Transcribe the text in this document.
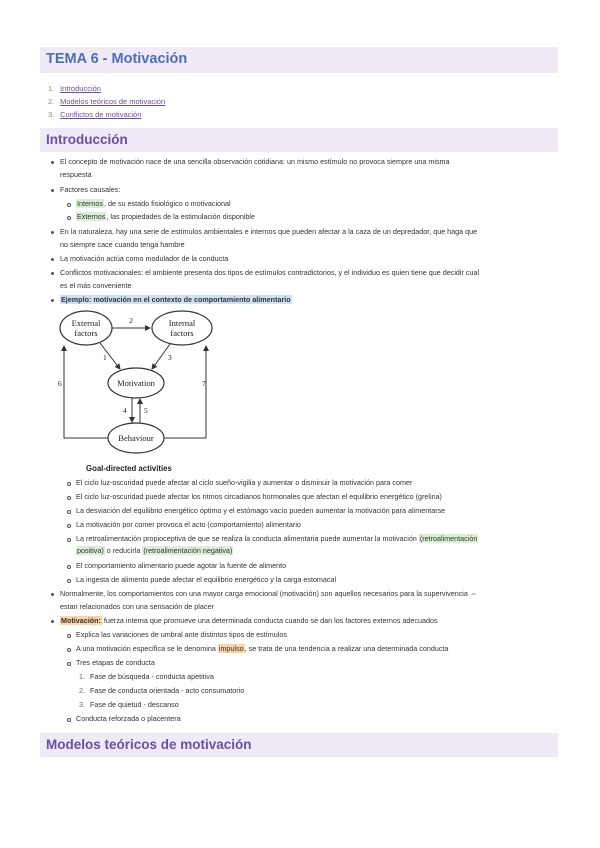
TEMA 6 - Motivación
1. Introducción
2. Modelos teóricos de motivación
3. Conflictos de motivación
Introducción
El concepto de motivación nace de una sencilla observación cotidiana: un mismo estímulo no provoca siempre una misma
respuesta
Factores causales:
Internos, de su estado fisiológico o motivacional
Externos, las propiedades de la estimulación disponible
En la naturaleza, hay una serie de estímulos ambientales e internos que pueden afectar a la caza de un depredador, que haga que
no siempre cace cuando tenga hambre
La motivación actúa como modulador de la conducta
Conflictos motivacionales: el ambiente presenta dos tipos de estímulos contradictorios, y el individuo es quien tiene que decidir cual
es el más conveniente
Ejemplo: motivación en el contexto de comportamiento alimentario
External
factors
Internal
factors
Motivation
Behaviour
2
1	3
4 5
6	7
Goal-directed activities
El ciclo luz-oscuridad puede afectar al ciclo sueño-vigilia y aumentar o disminuir la motivación para comer
El ciclo luz-oscuridad puede afectar los ritmos circadianos hormonales que afectan el equilibrio energético (grelina)
La desviación del equilibrio energético óptimo y el estómago vacío pueden aumentar la motivación para alimentarse
La motivación por comer provoca el acto (comportamiento) alimentario
La retroalimentación propioceptiva de que se realiza la conducta alimentaria puede aumentar la motivación (retroalimentación
positiva) o reducirla (retroalimentación negativa)
El comportamiento alimentario puede agotar la fuente de alimento
La ingesta de alimento puede afectar el equilibrio energético y la carga estomacal
Normalmente, los comportamientos con una mayor carga emocional (motivación) son aquellos necesarios para la supervivencia ⇔
estan relacionados con una sensación de placer
Motivación: fuerza interna que promueve una determinada conducta cuando se dan los factores externos adecuados
Explica las variaciones de umbral ante distintos tipos de estímulos
A una motivación específica se le denomina impulso, se trata de una tendencia a realizar una determinada conducta
Tres etapas de conducta
1. Fase de búsqueda - conducta apetitiva
2. Fase de conducta orientada - acto consumatorio
3. Fase de quietud - descanso
Conducta reforzada o placentera
Modelos teóricos de motivación
